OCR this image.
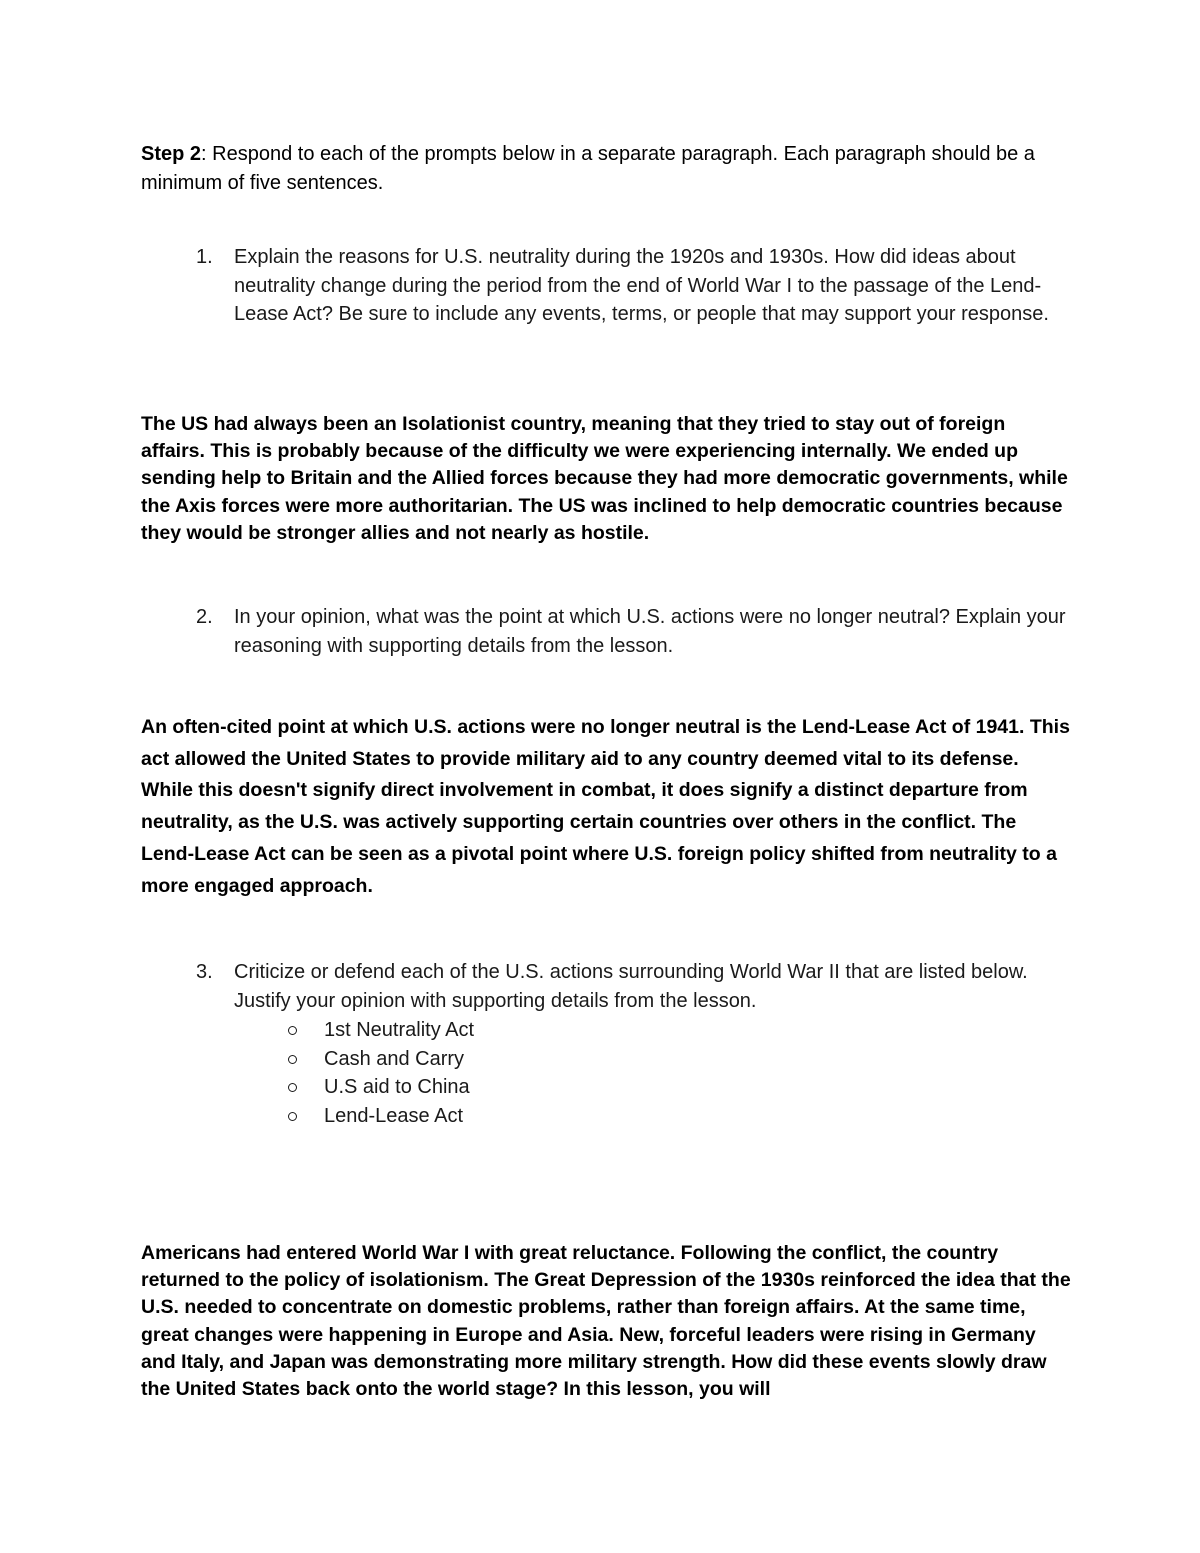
Step 2: Respond to each of the prompts below in a separate paragraph. Each paragraph should be a minimum of five sentences.
1.	Explain the reasons for U.S. neutrality during the 1920s and 1930s. How did ideas about neutrality change during the period from the end of World War I to the passage of the Lend-Lease Act? Be sure to include any events, terms, or people that may support your response.
The US had always been an Isolationist country, meaning that they tried to stay out of foreign affairs. This is probably because of the difficulty we were experiencing internally. We ended up sending help to Britain and the Allied forces because they had more democratic governments, while the Axis forces were more authoritarian. The US was inclined to help democratic countries because they would be stronger allies and not nearly as hostile.
2.	In your opinion, what was the point at which U.S. actions were no longer neutral? Explain your reasoning with supporting details from the lesson.
An often-cited point at which U.S. actions were no longer neutral is the Lend-Lease Act of 1941. This act allowed the United States to provide military aid to any country deemed vital to its defense. While this doesn't signify direct involvement in combat, it does signify a distinct departure from neutrality, as the U.S. was actively supporting certain countries over others in the conflict. The Lend-Lease Act can be seen as a pivotal point where U.S. foreign policy shifted from neutrality to a more engaged approach.
3.	Criticize or defend each of the U.S. actions surrounding World War II that are listed below. Justify your opinion with supporting details from the lesson.
1st Neutrality Act
Cash and Carry
U.S aid to China
Lend-Lease Act
Americans had entered World War I with great reluctance. Following the conflict, the country returned to the policy of isolationism. The Great Depression of the 1930s reinforced the idea that the U.S. needed to concentrate on domestic problems, rather than foreign affairs. At the same time, great changes were happening in Europe and Asia. New, forceful leaders were rising in Germany and Italy, and Japan was demonstrating more military strength. How did these events slowly draw the United States back onto the world stage? In this lesson, you will
